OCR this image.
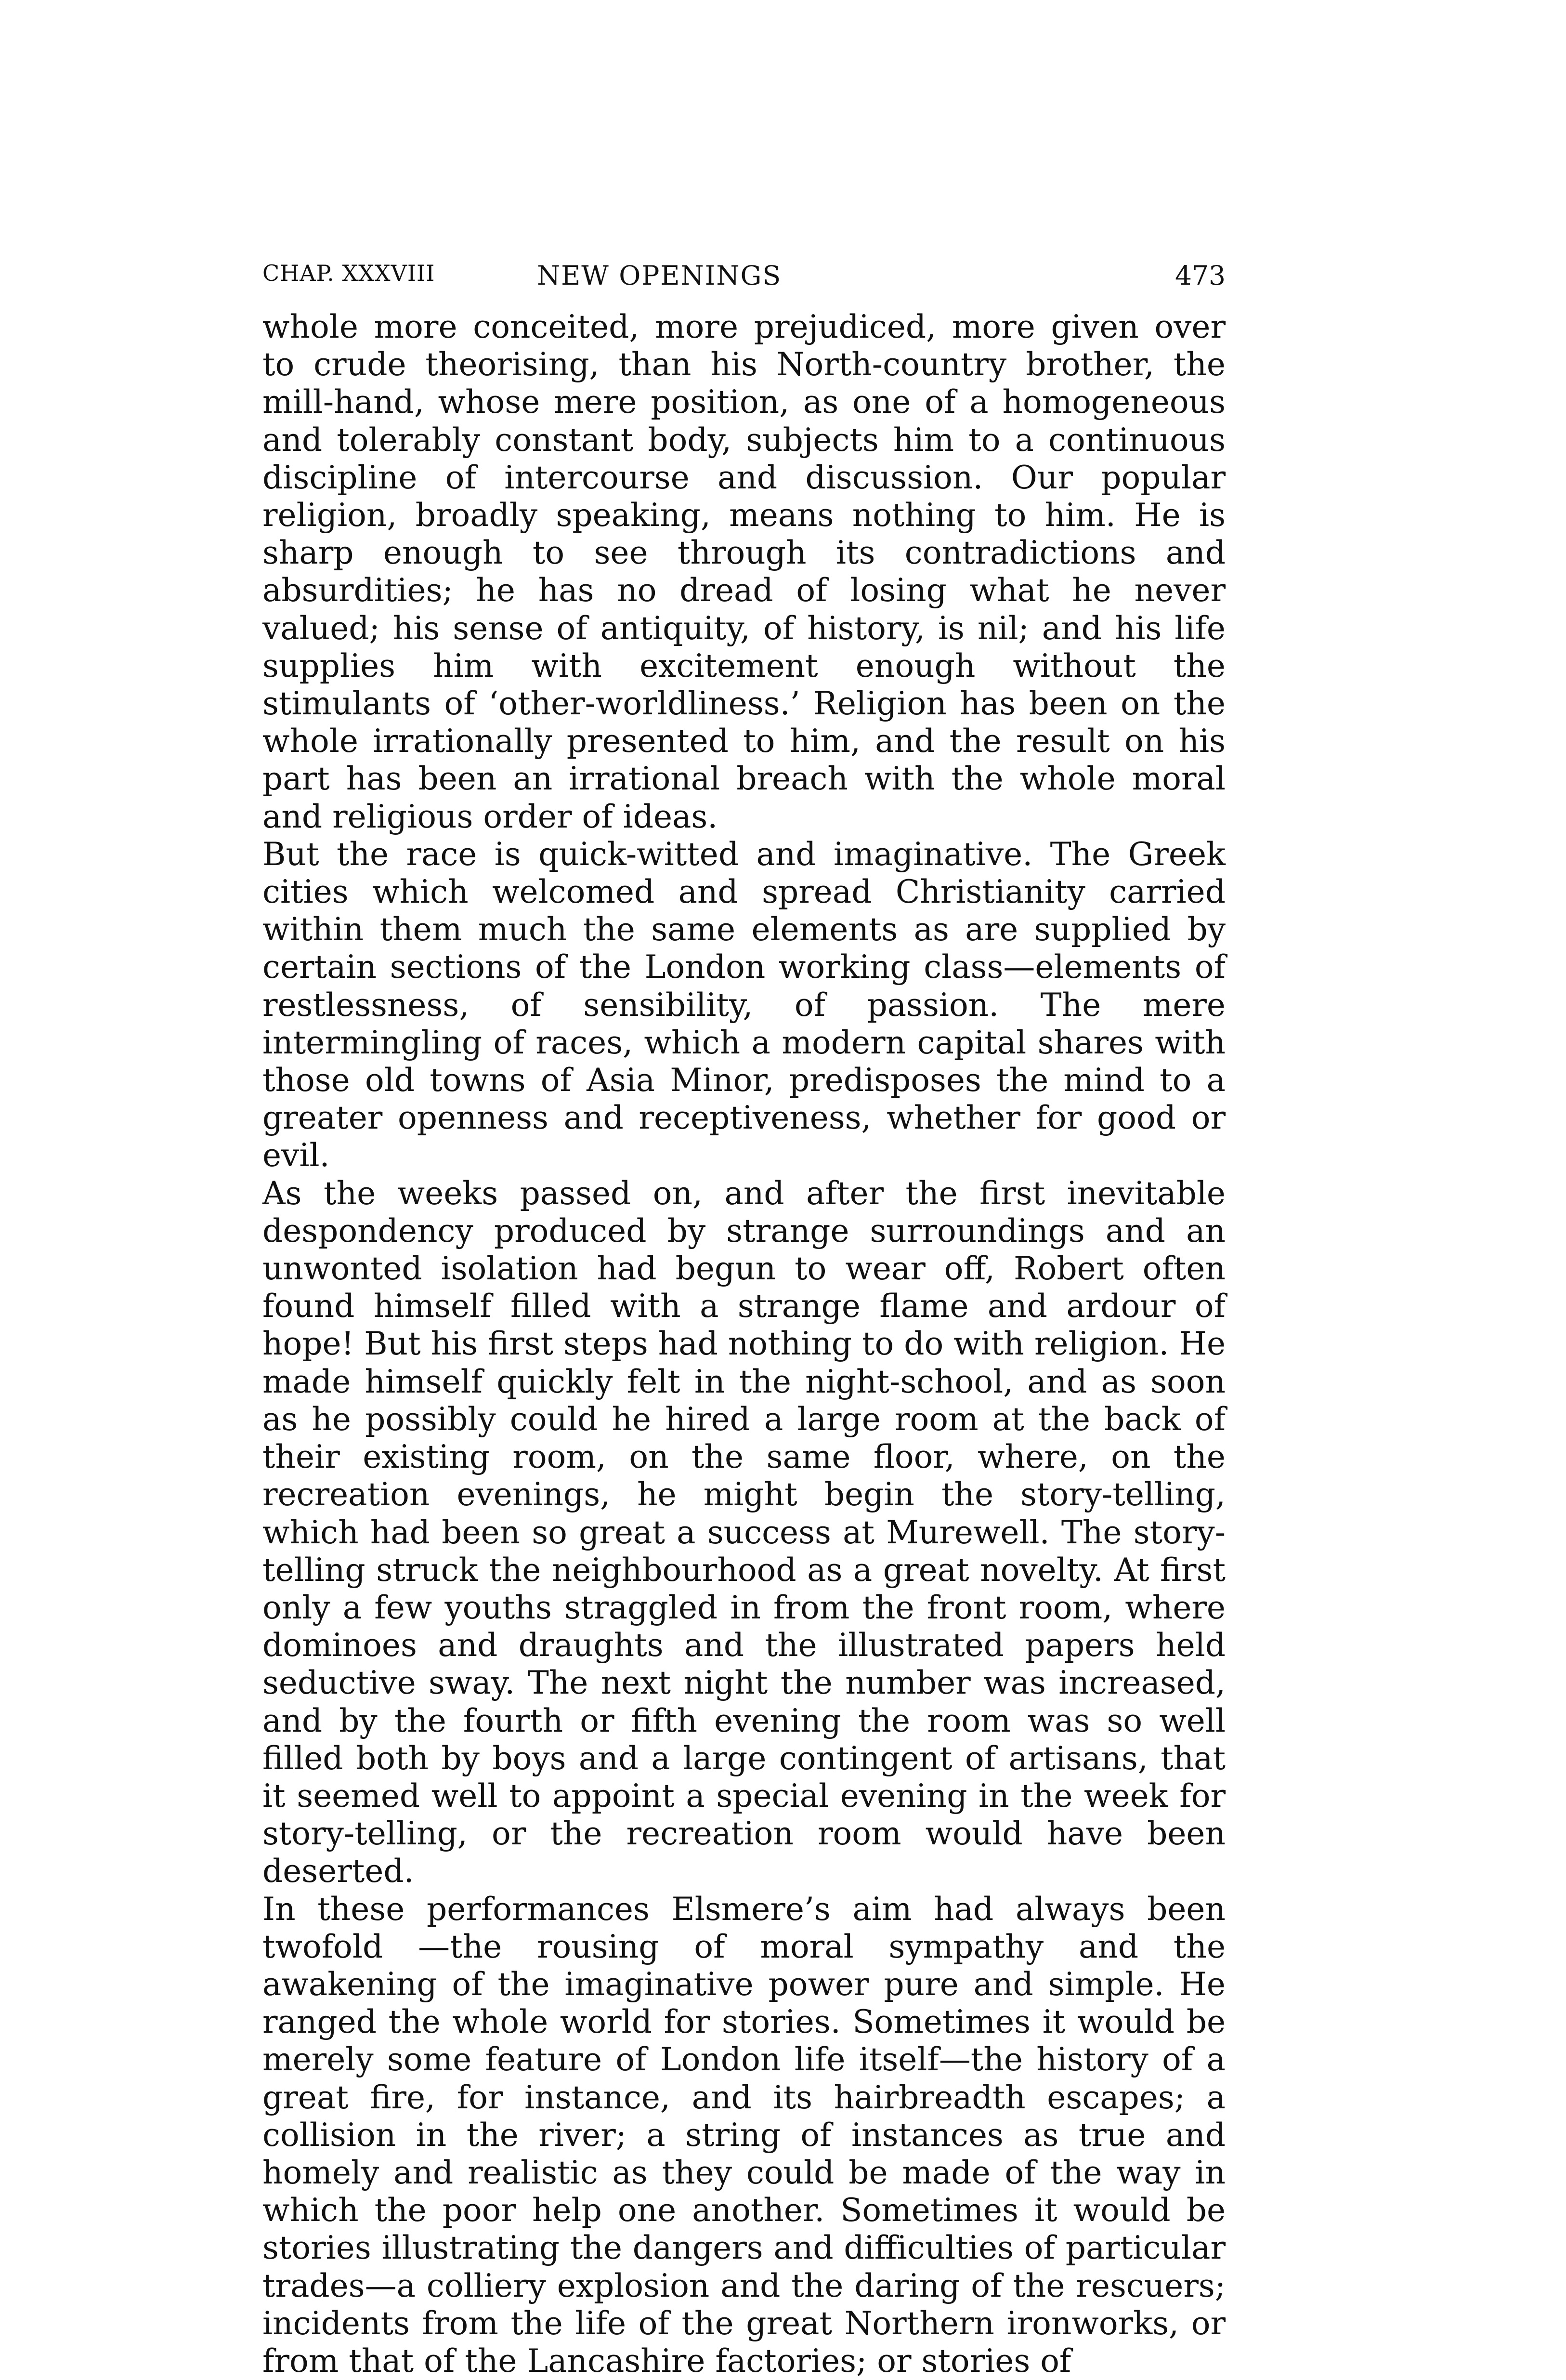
CHAP. XXXVIII	NEW OPENINGS	473

whole more conceited, more prejudiced, more given over to crude theorising, than his North-country brother, the mill-hand, whose mere position, as one of a homogeneous and tolerably constant body, subjects him to a continuous discipline of intercourse and discussion. Our popular religion, broadly speaking, means nothing to him. He is sharp enough to see through its contradictions and absurdities; he has no dread of losing what he never valued; his sense of antiquity, of history, is nil; and his life supplies him with excitement enough without the stimulants of ‘other-worldliness.’ Religion has been on the whole irrationally presented to him, and the result on his part has been an irrational breach with the whole moral and religious order of ideas.

But the race is quick-witted and imaginative. The Greek cities which welcomed and spread Christianity carried within them much the same elements as are supplied by certain sections of the London working class—elements of restlessness, of sensibility, of passion. The mere intermingling of races, which a modern capital shares with those old towns of Asia Minor, predisposes the mind to a greater openness and receptiveness, whether for good or evil.

As the weeks passed on, and after the first inevitable despondency produced by strange surroundings and an unwonted isolation had begun to wear off, Robert often found himself filled with a strange flame and ardour of hope! But his first steps had nothing to do with religion. He made himself quickly felt in the night-school, and as soon as he possibly could he hired a large room at the back of their existing room, on the same floor, where, on the recreation evenings, he might begin the story-telling, which had been so great a success at Murewell. The story-telling struck the neighbourhood as a great novelty. At first only a few youths straggled in from the front room, where dominoes and draughts and the illustrated papers held seductive sway. The next night the number was increased, and by the fourth or fifth evening the room was so well filled both by boys and a large contingent of artisans, that it seemed well to appoint a special evening in the week for story-telling, or the recreation room would have been deserted.

In these performances Elsmere’s aim had always been twofold —the rousing of moral sympathy and the awakening of the imaginative power pure and simple. He ranged the whole world for stories. Sometimes it would be merely some feature of London life itself—the history of a great fire, for instance, and its hairbreadth escapes; a collision in the river; a string of instances as true and homely and realistic as they could be made of the way in which the poor help one another. Sometimes it would be stories illustrating the dangers and difficulties of particular trades—a colliery explosion and the daring of the rescuers; incidents from the life of the great Northern ironworks, or from that of the Lancashire factories; or stories of
